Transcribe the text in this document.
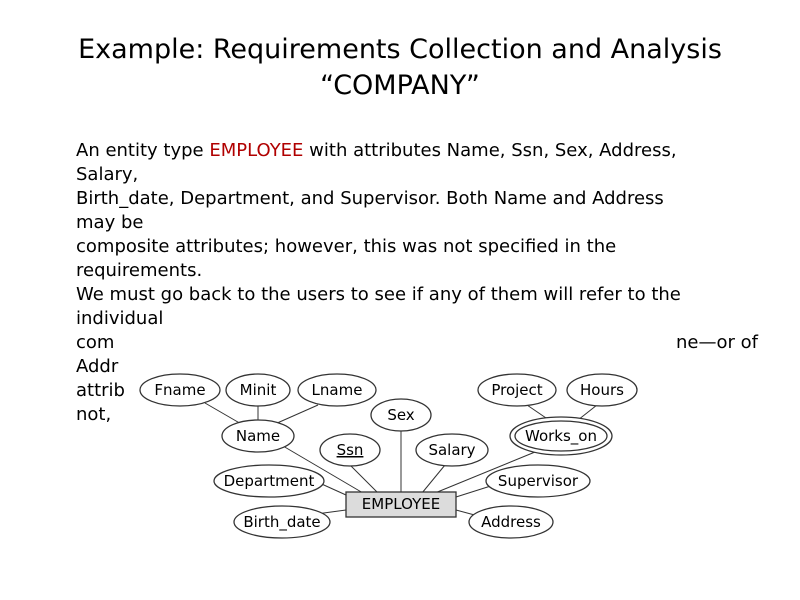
Example: Requirements Collection and Analysis
“COMPANY”
An entity type EMPLOYEE with attributes Name, Ssn, Sex, Address,
Salary,
Birth_date, Department, and Supervisor. Both Name and Address
may be
composite attributes; however, this was not specified in the
requirements.
We must go back to the users to see if any of them will refer to the
individual
com	ne—or of
Addr
attrib
not,
Fname Minit Lname
Name
Sex
Ssn	Salary
Project Hours
Works_on
Department	Supervisor
Birth_date	Address
EMPLOYEE
